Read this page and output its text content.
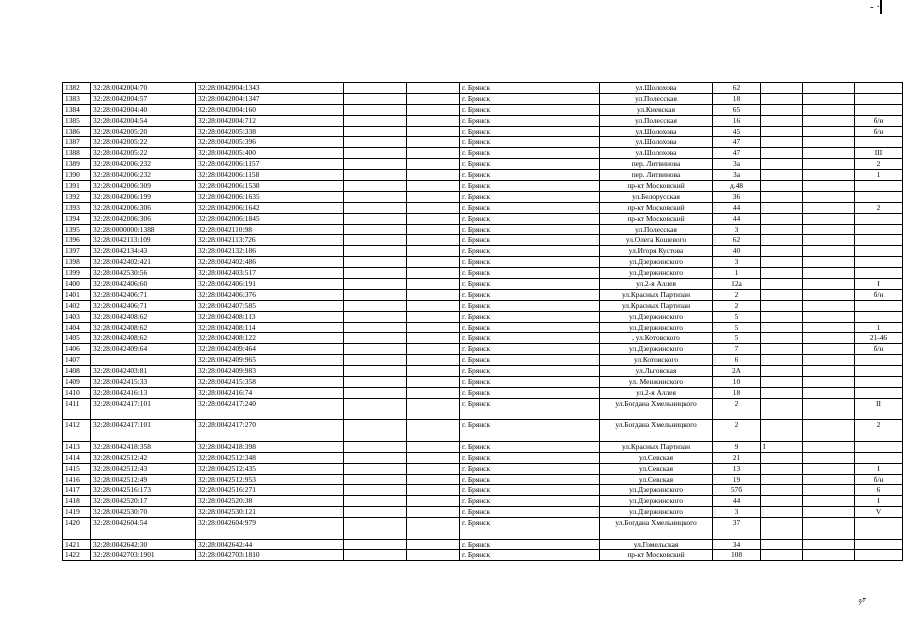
- ·
1382	32:28:0042004:70	32:28:0042004:1343			г. Брянск	ул.Шолохова	62			
1383	32:28:0042004:57	32:28:0042004:1347			г. Брянск	ул.Полесская	18			
1384	32:28:0042004:40	32:28:0042004:160			г. Брянск	ул.Киевская	65			
1385	32:28:0042004:54	32:28:0042004:712			г. Брянск	ул.Полесская	16			б/н
1386	32:28:0042005:20	32:28:0042005:338			г. Брянск	ул.Шолохова	45			б/н
1387	32:28:0042005:22	32:28:0042005:396			г. Брянск	ул.Шолохова	47			
1388	32:28:0042005:22	32:28:0042005:400			г. Брянск	ул.Шолохова	47			III
1389	32:28:0042006:232	32:28:0042006:1157			г. Брянск	пер. Литвинова	3а			2
1390	32:28:0042006:232	32:28:0042006:1158			г. Брянск	пер. Литвинова	3а			1
1391	32:28:0042006:309	32:28:0042006:1538			г. Брянск	пр-кт Московский	д.48			
1392	32:28:0042006:199	32:28:0042006:1635			г. Брянск	ул.Белорусская	36			
1393	32:28:0042006:306	32:28:0042006:1642			г. Брянск	пр-кт Московский	44			2
1394	32:28:0042006:306	32:28:0042006:1845			г. Брянск	пр-кт Московский	44			
1395	32:28:0000000:1388	32:28:0042110:98			г. Брянск	ул.Полесская	3			
1396	32:28:0042113:109	32:28:0042113:726			г. Брянск	ул.Олега Кошевого	62			
1397	32:28:0042134:43	32:28:0042132:186			г. Брянск	ул.Игоря Кустова	40			
1398	32:28:0042402:421	32:28:0042402:486			г. Брянск	ул.Дзержинского	3			
1399	32:28:0042530:56	32:28:0042403:517			г. Брянск	ул.Дзержинского	1			
1400	32:28:0042406:60	32:28:0042406:191			г. Брянск	ул.2-я Аллея	12а			I
1401	32:28:0042406:71	32:28:0042406:376			г. Брянск	ул.Красных Партизан	2			б/н
1402	32:28:0042406:71	32:28:0042407:585			г. Брянск	ул.Красных Партизан	2			
1403	32:28:0042408:62	32:28:0042408:113			г. Брянск	ул.Дзержинского	5			
1404	32:28:0042408:62	32:28:0042408:114			г. Брянск	ул.Дзержинского	5			1
1405	32:28:0042408:62	32:28:0042408:122			г. Брянск	, ул.Котовского	5			21-46
1406	32:28:0042409:64	32:28:0042409:464			г. Брянск	ул.Дзержинского	7			б/н
1407		32:28:0042409:965			г. Брянск	ул.Котовского	6			
1408	32:28:0042403:81	32:28:0042409:983			г. Брянск	ул.Льговская	2А			
1409	32:28:0042415:33	32:28:0042415:358			г. Брянск	ул. Менжинского	10			
1410	32:28:0042416:13	32:28:0042416:74			г. Брянск	ул.2-я Аллея	18			
1411	32:28:0042417:101	32:28:0042417:240			г. Брянск	ул.Богдана Хмельницкого	2			II
1412	32:28:0042417:101	32:28:0042417:270			г. Брянск	ул.Богдана Хмельницкого	2			2
1413	32:28:0042418:358	32:28:0042418:398			г. Брянск	ул.Красных Партизан	9	I		
1414	32:28:0042512:42	32:28:0042512:348			г. Брянск	ул.Севская	21			
1415	32:28:0042512:43	32:28:0042512:435			г. Брянск	ул.Севская	13			I
1416	32:28:0042512:49	32:28:0042512:953			г. Брянск	ул.Севская	19			б/н
1417	32:28:0042516:173	32:28:0042516:271			г. Брянск	ул.Дзержинского	57б			6
1418	32:28:0042520:17	32:28:0042520:38			г. Брянск	ул.Дзержинского	44			I
1419	32:28:0042530:70	32:28:0042530:121			г. Брянск	ул.Дзержинского	3			V
1420	32:28:0042604:54	32:28:0042604:979			г. Брянск	ул.Богдана Хмельницкого	37			
1421	32:28:0042642:30	32:28:0042642:44			г. Брянск	ул.Гомельская	34			
1422	32:28:0042703:1901	32:28:0042703:1810			г. Брянск	пр-кт Московский	108			
ᶻ⁄⁷
